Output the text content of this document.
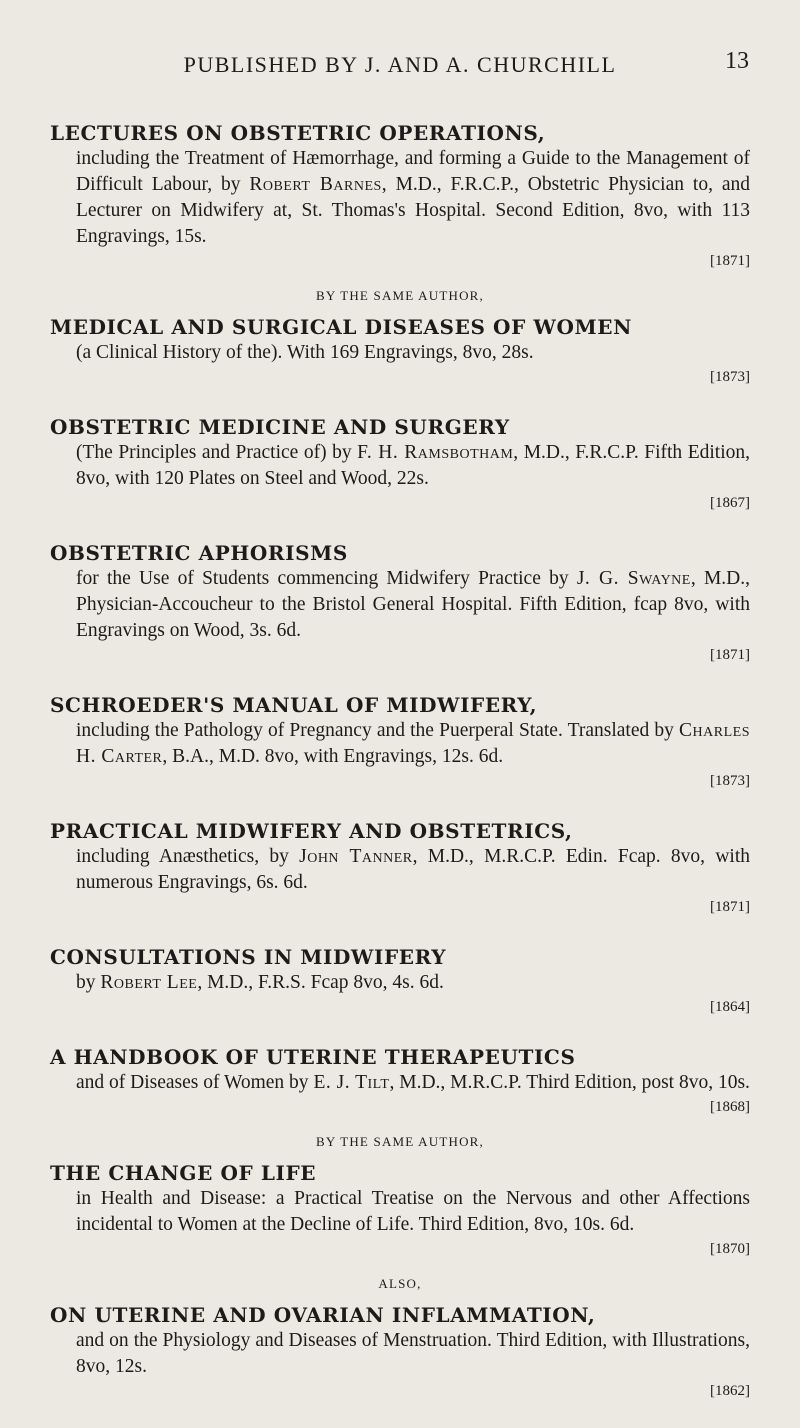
PUBLISHED BY J. AND A. CHURCHILL	13
LECTURES ON OBSTETRIC OPERATIONS,

including the Treatment of Hæmorrhage, and forming a Guide to the Management of Difficult Labour, by Robert Barnes, M.D., F.R.C.P., Obstetric Physician to, and Lecturer on Midwifery at, St. Thomas's Hospital. Second Edition, 8vo, with 113 Engravings, 15s.

[1871]
BY THE SAME AUTHOR,
MEDICAL AND SURGICAL DISEASES OF WOMEN

(a Clinical History of the). With 169 Engravings, 8vo, 28s.

[1873]
OBSTETRIC MEDICINE AND SURGERY

(The Principles and Practice of) by F. H. Ramsbotham, M.D., F.R.C.P. Fifth Edition, 8vo, with 120 Plates on Steel and Wood, 22s.

[1867]
OBSTETRIC APHORISMS

for the Use of Students commencing Midwifery Practice by J. G. Swayne, M.D., Physician-Accoucheur to the Bristol General Hospital. Fifth Edition, fcap 8vo, with Engravings on Wood, 3s. 6d.

[1871]
SCHROEDER'S MANUAL OF MIDWIFERY,

including the Pathology of Pregnancy and the Puerperal State. Translated by Charles H. Carter, B.A., M.D. 8vo, with Engravings, 12s. 6d.

[1873]
PRACTICAL MIDWIFERY AND OBSTETRICS,

including Anæsthetics, by John Tanner, M.D., M.R.C.P. Edin. Fcap. 8vo, with numerous Engravings, 6s. 6d.

[1871]
CONSULTATIONS IN MIDWIFERY

by Robert Lee, M.D., F.R.S. Fcap 8vo, 4s. 6d.

[1864]
A HANDBOOK OF UTERINE THERAPEUTICS

and of Diseases of Women by E. J. Tilt, M.D., M.R.C.P. Third Edition, post 8vo, 10s.

[1868]
BY THE SAME AUTHOR,
THE CHANGE OF LIFE

in Health and Disease: a Practical Treatise on the Nervous and other Affections incidental to Women at the Decline of Life. Third Edition, 8vo, 10s. 6d.

[1870]
ALSO,
ON UTERINE AND OVARIAN INFLAMMATION,

and on the Physiology and Diseases of Menstruation. Third Edition, with Illustrations, 8vo, 12s.

[1862]
